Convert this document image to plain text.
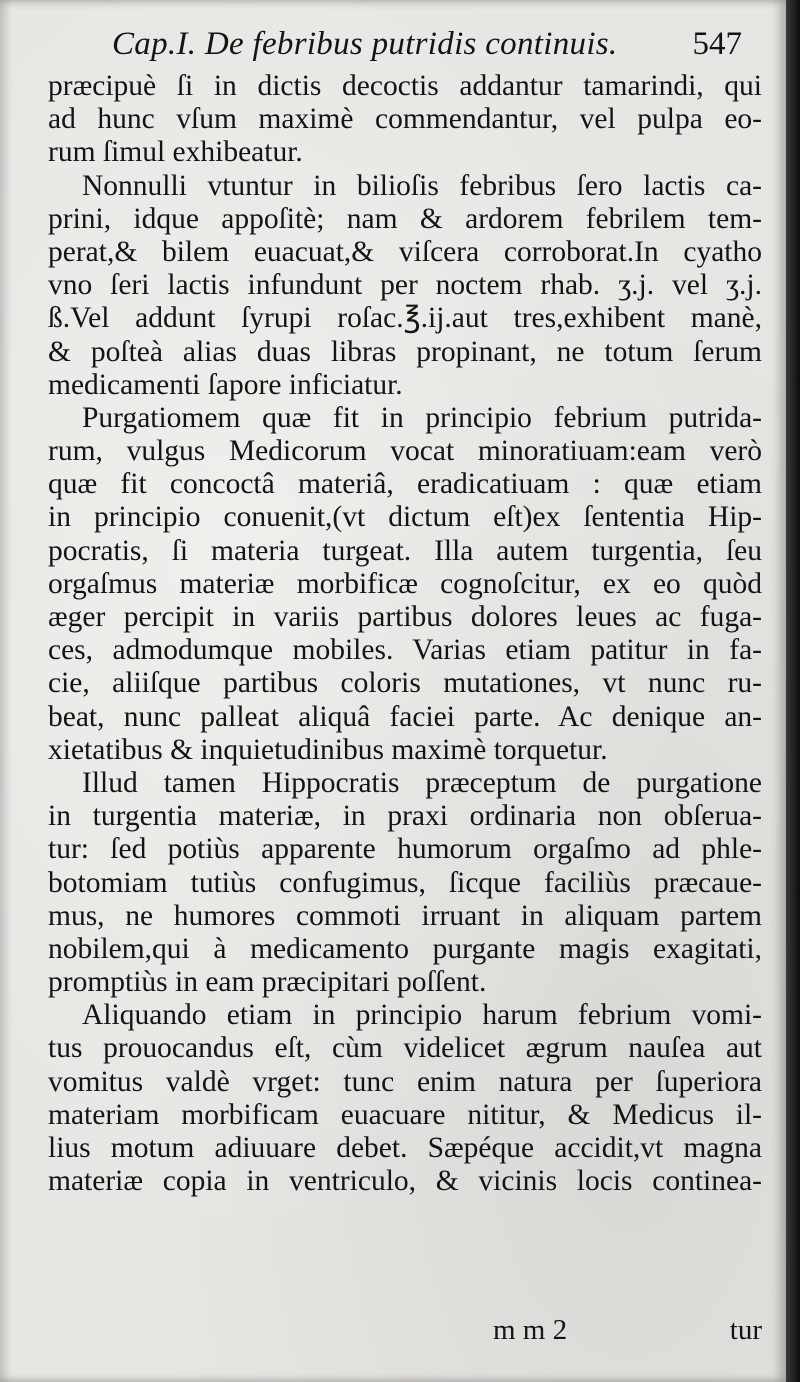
Cap.I. De febribus putridis continuis. 547
præcipuè ſi in dictis decoctis addantur tamarindi, qui
ad hunc vſum maximè commendantur, vel pulpa eo-
rum ſimul exhibeatur.
Nonnulli vtuntur in bilioſis febribus ſero lactis ca-
prini, idque appoſitè; nam & ardorem febrilem tem-
perat,& bilem euacuat,& viſcera corroborat.In cyatho
vno ſeri lactis infundunt per noctem rhab. ʒ.j. vel ʒ.j.
ß.Vel addunt ſyrupi roſac.℥.ij.aut tres,exhibent manè,
& poſteà alias duas libras propinant, ne totum ſerum
medicamenti ſapore inficiatur.
Purgatiomem quæ fit in principio febrium putrida-
rum, vulgus Medicorum vocat minoratiuam:eam verò
quæ fit concoctâ materiâ, eradicatiuam : quæ etiam
in principio conuenit,(vt dictum eſt)ex ſententia Hip-
pocratis, ſi materia turgeat. Illa autem turgentia, ſeu
orgaſmus materiæ morbificæ cognoſcitur, ex eo quòd
æger percipit in variis partibus dolores leues ac fuga-
ces, admodumque mobiles. Varias etiam patitur in fa-
cie, aliiſque partibus coloris mutationes, vt nunc ru-
beat, nunc palleat aliquâ faciei parte. Ac denique an-
xietatibus & inquietudinibus maximè torquetur.
Illud tamen Hippocratis præceptum de purgatione
in turgentia materiæ, in praxi ordinaria non obſerua-
tur: ſed potiùs apparente humorum orgaſmo ad phle-
botomiam tutiùs confugimus, ſicque faciliùs præcaue-
mus, ne humores commoti irruant in aliquam partem
nobilem,qui à medicamento purgante magis exagitati,
promptiùs in eam præcipitari poſſent.
Aliquando etiam in principio harum febrium vomi-
tus prouocandus eſt, cùm videlicet ægrum nauſea aut
vomitus valdè vrget: tunc enim natura per ſuperiora
materiam morbificam euacuare nititur, & Medicus il-
lius motum adiuuare debet. Sæpéque accidit,vt magna
materiæ copia in ventriculo, & vicinis locis continea-
m m 2	tur
